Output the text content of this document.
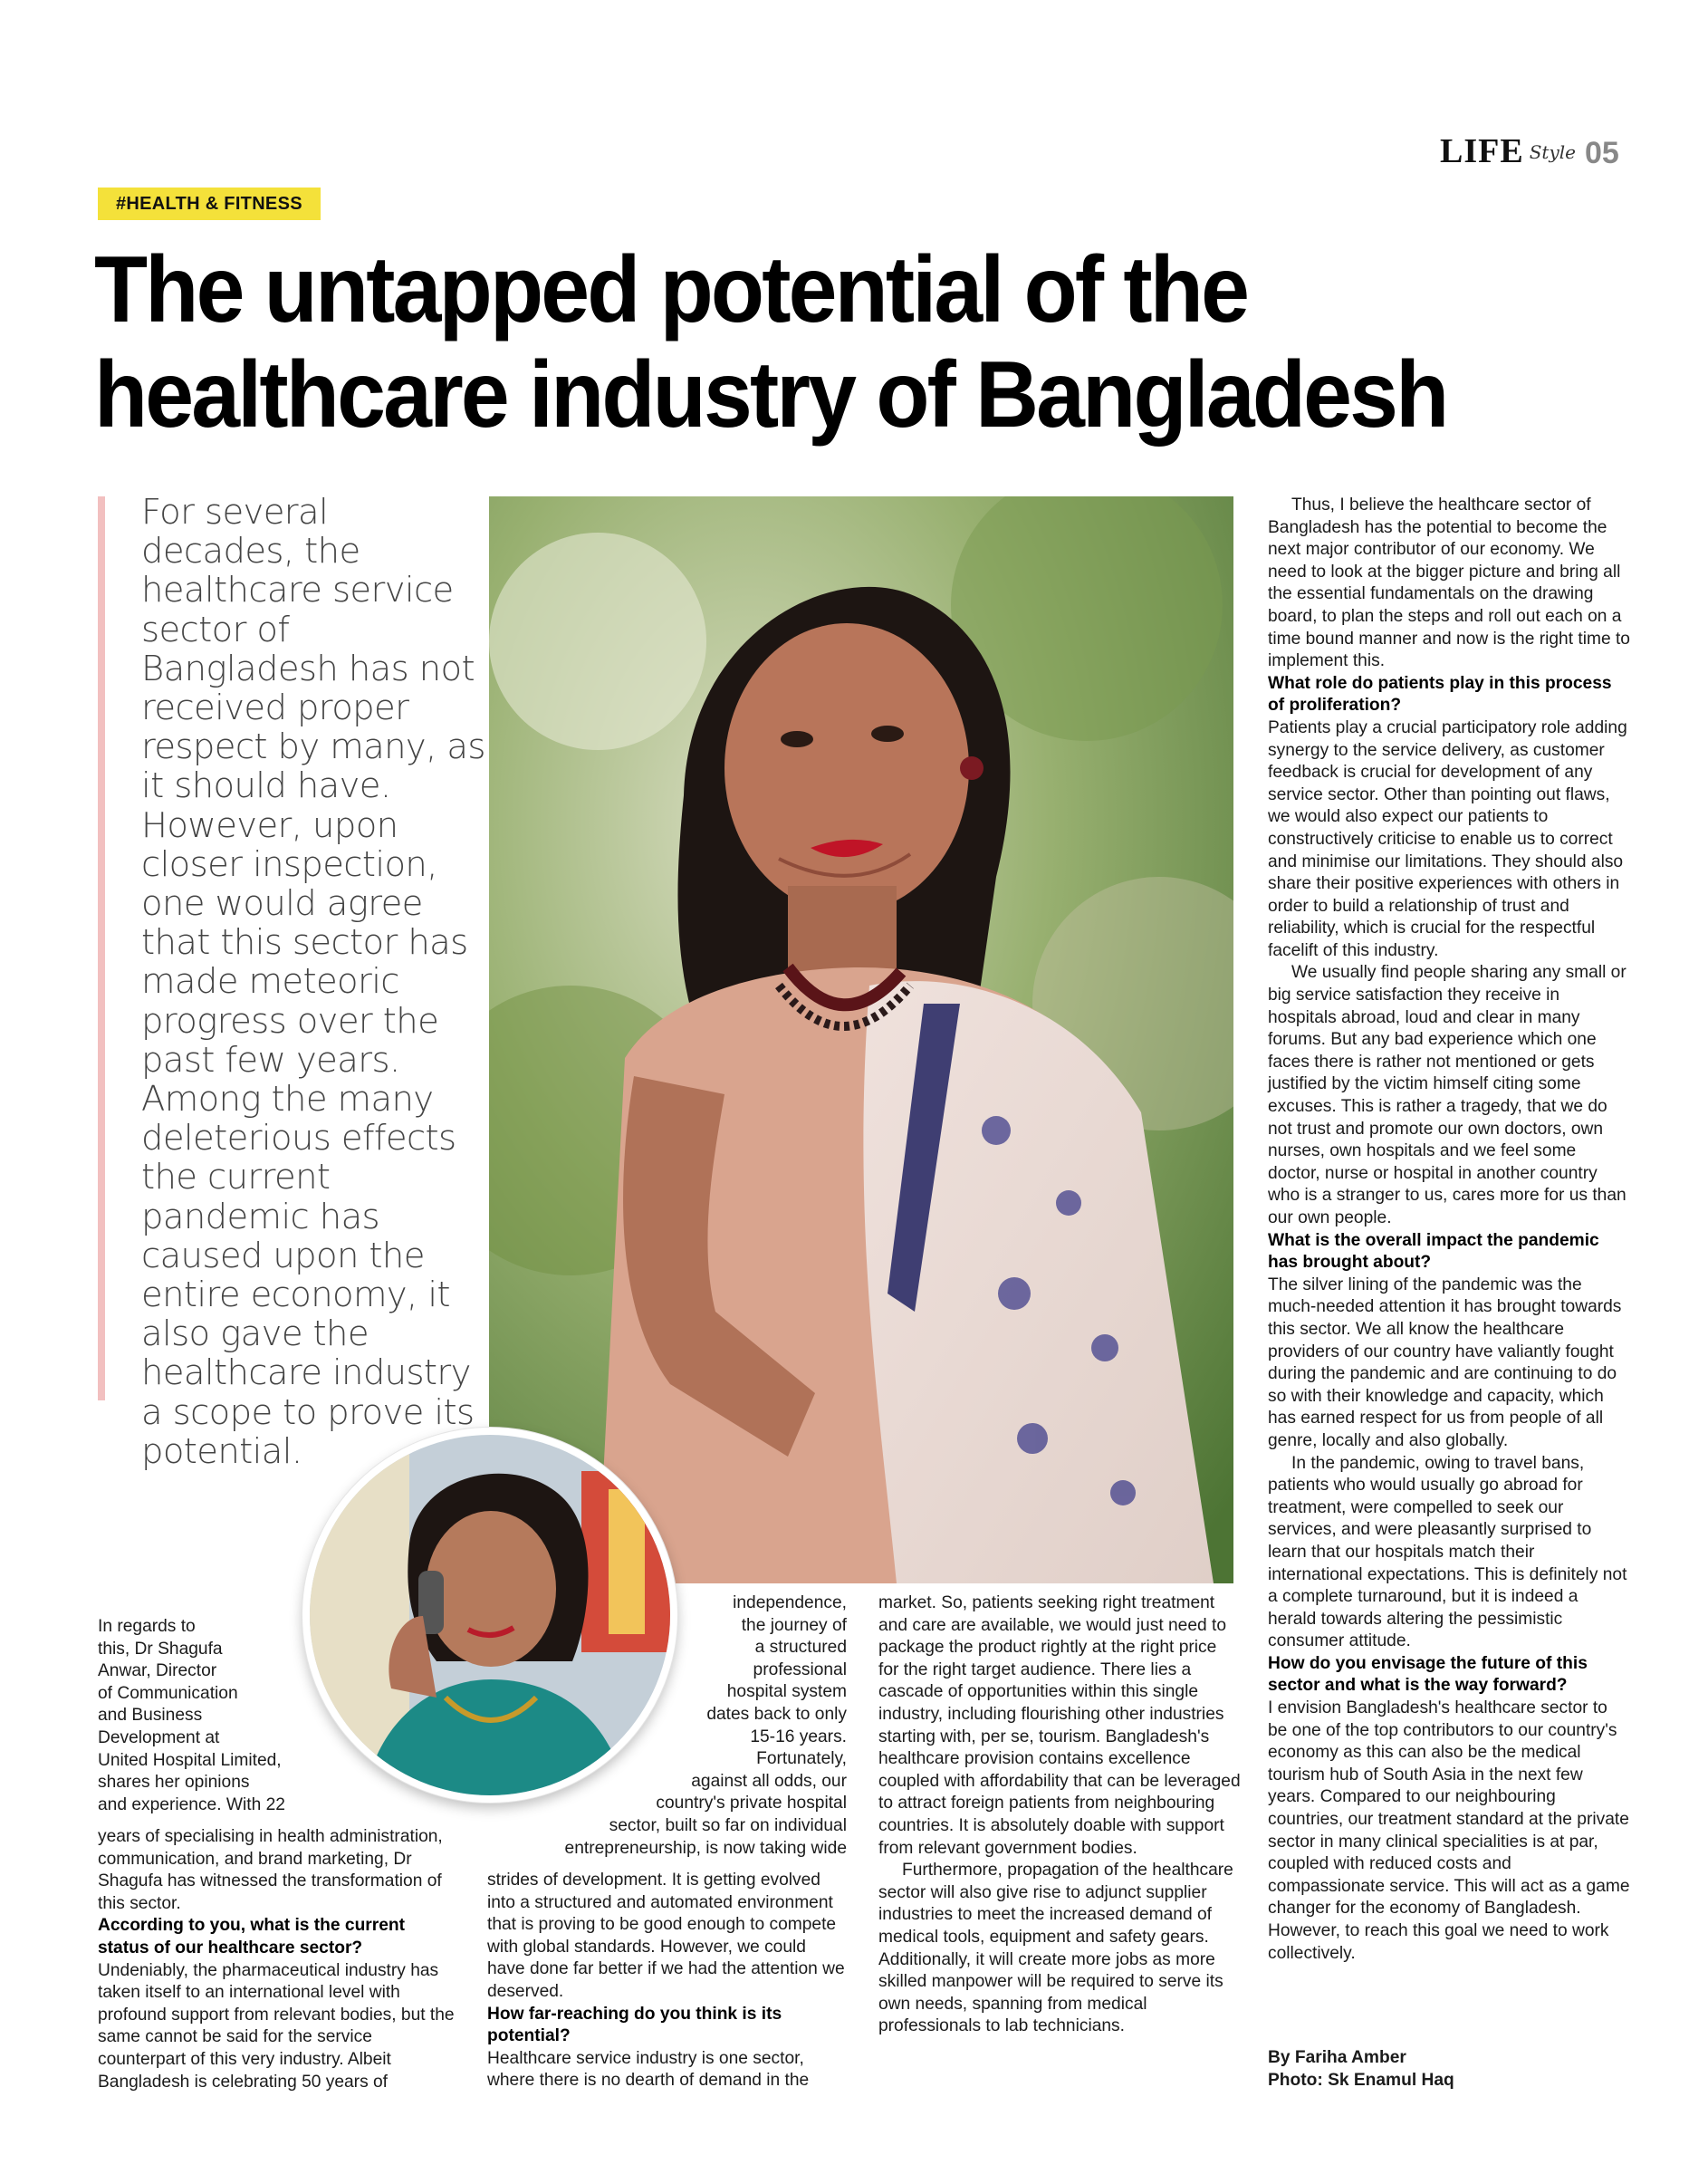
LIFE Style 05
#HEALTH & FITNESS
The untapped potential of the healthcare industry of Bangladesh

For several decades, the healthcare service sector of Bangladesh has not received proper respect by many, as it should have. However, upon closer inspection, one would agree that this sector has made meteoric progress over the past few years. Among the many deleterious effects the current pandemic has caused upon the entire economy, it also gave the healthcare industry a scope to prove its potential.

In regards to

this, Dr Shagufa

Anwar, Director

of Communication

and Business

Development at

United Hospital Limited,

shares her opinions

and experience. With 22

years of specialising in health administration, communication, and brand marketing, Dr Shagufa has witnessed the transformation of this sector.

According to you, what is the current status of our healthcare sector?

Undeniably, the pharmaceutical industry has taken itself to an international level with profound support from relevant bodies, but the same cannot be said for the service counterpart of this very industry. Albeit Bangladesh is celebrating 50 years of

independence,

the journey of

a structured

professional

hospital system

dates back to only

15-16 years.

Fortunately,

against all odds, our

country's private hospital

sector, built so far on individual

entrepreneurship, is now taking wide

strides of development. It is getting evolved into a structured and automated environment that is proving to be good enough to compete with global standards. However, we could have done far better if we had the attention we deserved.

How far-reaching do you think is its potential?

Healthcare service industry is one sector, where there is no dearth of demand in the

market. So, patients seeking right treatment and care are available, we would just need to package the product rightly at the right price for the right target audience. There lies a cascade of opportunities within this single industry, including flourishing other industries starting with, per se, tourism. Bangladesh's healthcare provision contains excellence coupled with affordability that can be leveraged to attract foreign patients from neighbouring countries. It is absolutely doable with support from relevant government bodies.

Furthermore, propagation of the healthcare sector will also give rise to adjunct supplier industries to meet the increased demand of medical tools, equipment and safety gears. Additionally, it will create more jobs as more skilled manpower will be required to serve its own needs, spanning from medical professionals to lab technicians.

Thus, I believe the healthcare sector of Bangladesh has the potential to become the next major contributor of our economy. We need to look at the bigger picture and bring all the essential fundamentals on the drawing board, to plan the steps and roll out each on a time bound manner and now is the right time to implement this.

What role do patients play in this process of proliferation?

Patients play a crucial participatory role adding synergy to the service delivery, as customer feedback is crucial for development of any service sector. Other than pointing out flaws, we would also expect our patients to constructively criticise to enable us to correct and minimise our limitations. They should also share their positive experiences with others in order to build a relationship of trust and reliability, which is crucial for the respectful facelift of this industry.

We usually find people sharing any small or big service satisfaction they receive in hospitals abroad, loud and clear in many forums. But any bad experience which one faces there is rather not mentioned or gets justified by the victim himself citing some excuses. This is rather a tragedy, that we do not trust and promote our own doctors, own nurses, own hospitals and we feel some doctor, nurse or hospital in another country who is a stranger to us, cares more for us than our own people.

What is the overall impact the pandemic has brought about?

The silver lining of the pandemic was the much-needed attention it has brought towards this sector. We all know the healthcare providers of our country have valiantly fought during the pandemic and are continuing to do so with their knowledge and capacity, which has earned respect for us from people of all genre, locally and also globally.

In the pandemic, owing to travel bans, patients who would usually go abroad for treatment, were compelled to seek our services, and were pleasantly surprised to learn that our hospitals match their international expectations. This is definitely not a complete turnaround, but it is indeed a herald towards altering the pessimistic consumer attitude.

How do you envisage the future of this sector and what is the way forward?

I envision Bangladesh's healthcare sector to be one of the top contributors to our country's economy as this can also be the medical tourism hub of South Asia in the next few years. Compared to our neighbouring countries, our treatment standard at the private sector in many clinical specialities is at par, coupled with reduced costs and compassionate service. This will act as a game changer for the economy of Bangladesh. However, to reach this goal we need to work collectively.

By Fariha Amber

Photo: Sk Enamul Haq
